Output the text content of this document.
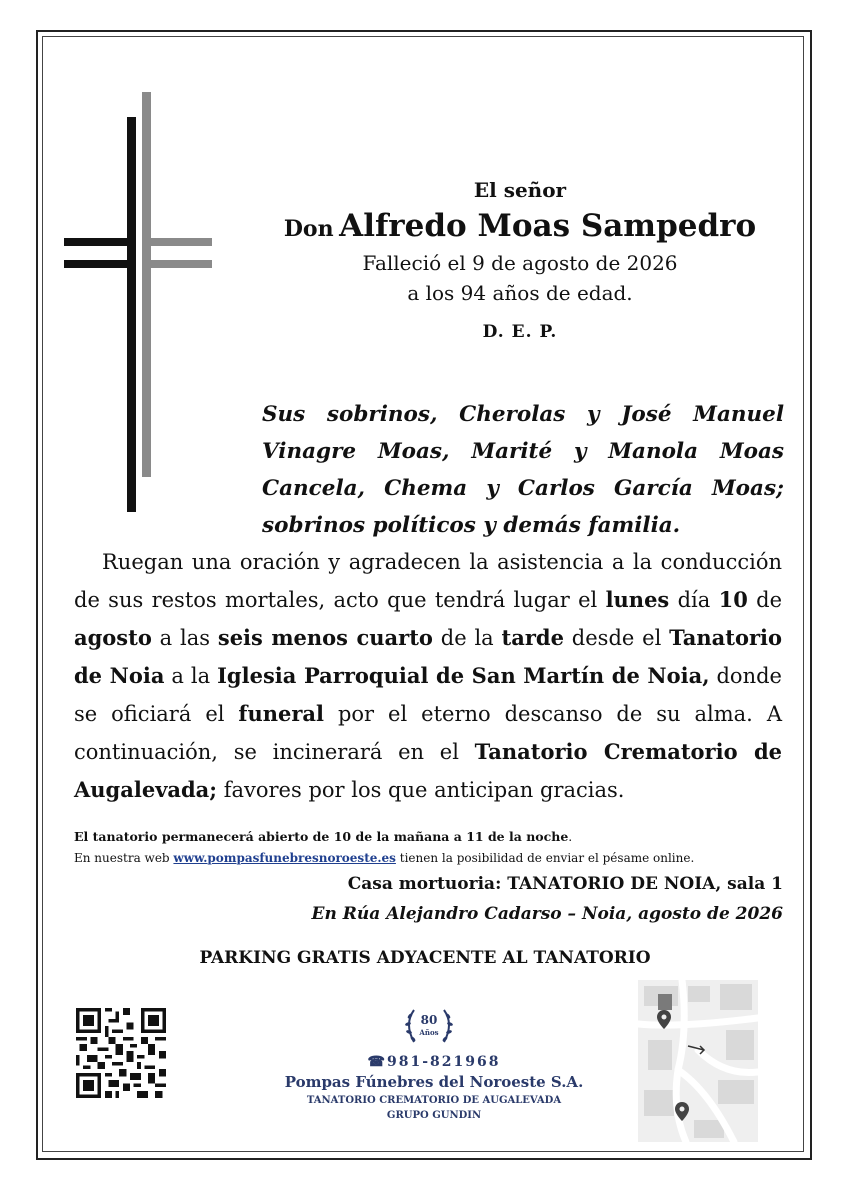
El señor
Don Alfredo Moas Sampedro
Falleció el 9 de agosto de 2026
a los 94 años de edad.
D. E. P.
Sus sobrinos, Cherolas y José Manuel Vinagre Moas, Marité y Manola Moas Cancela, Chema y Carlos García Moas; sobrinos políticos y demás familia.
Ruegan una oración y agradecen la asistencia a la conducción de sus restos mortales, acto que tendrá lugar el lunes día 10 de agosto a las seis menos cuarto de la tarde desde el Tanatorio de Noia a la Iglesia Parroquial de San Martín de Noia, donde se oficiará el funeral por el eterno descanso de su alma. A continuación, se incinerará en el Tanatorio Crematorio de Augalevada; favores por los que anticipan gracias.
El tanatorio permanecerá abierto de 10 de la mañana a 11 de la noche.
En nuestra web www.pompasfunebresnoroeste.es tienen la posibilidad de enviar el pésame online.
Casa mortuoria: TANATORIO DE NOIA, sala 1
En Rúa Alejandro Cadarso – Noia, agosto de 2026
PARKING GRATIS ADYACENTE AL TANATORIO
80
Años
☎981-821968
Pompas Fúnebres del Noroeste S.A.
TANATORIO CREMATORIO DE AUGALEVADA
GRUPO GUNDIN
